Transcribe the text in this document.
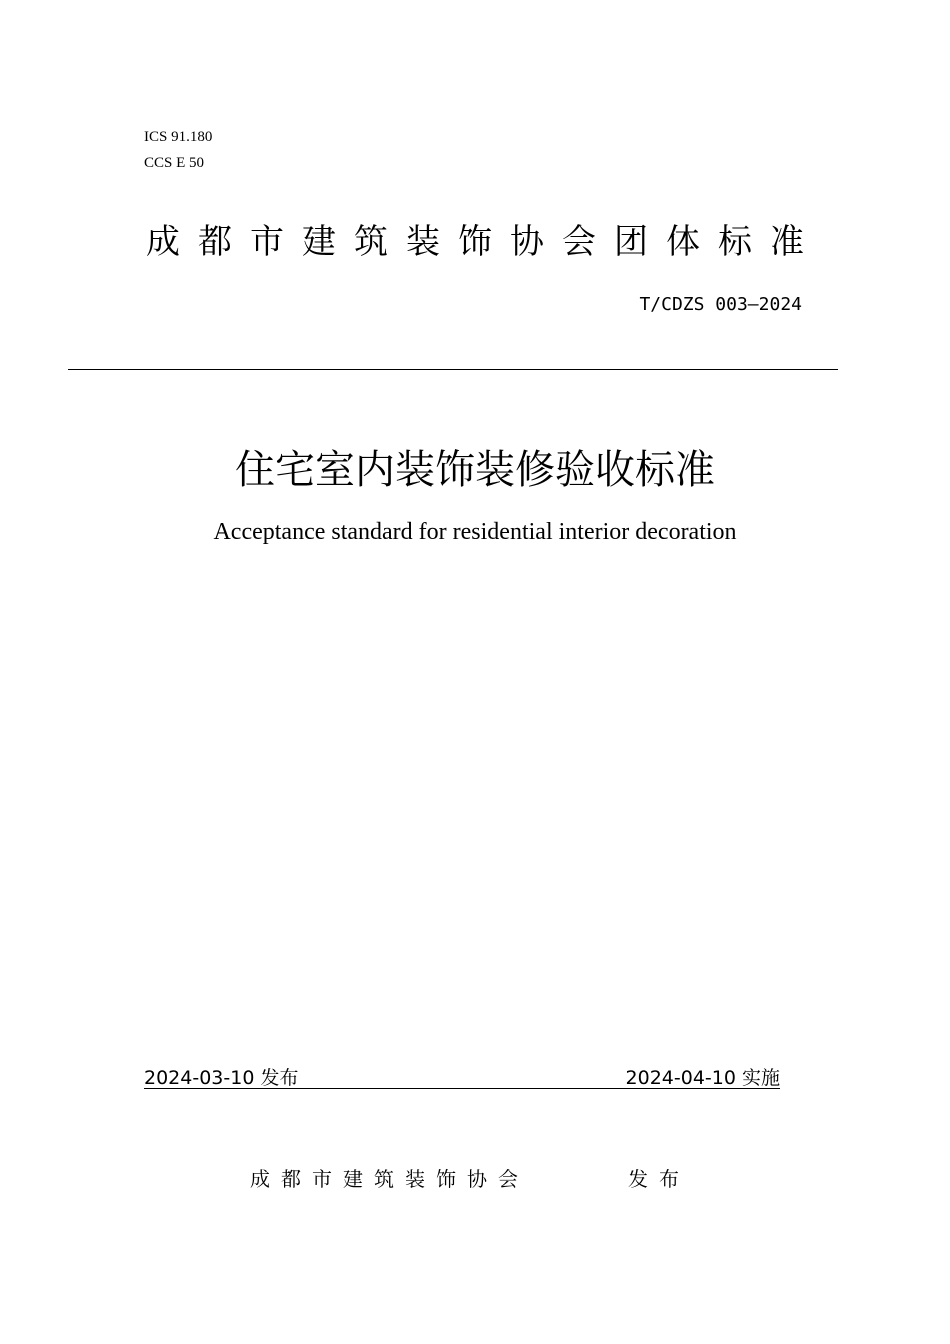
ICS 91.180

CCS E 50

成都市建筑装饰协会团体标准

T/CDZS 003—2024

住宅室内装饰装修验收标准

Acceptance standard for residential interior decoration

2024-03-10 发布	2024-04-10 实施

成都市建筑装饰协会	发布
